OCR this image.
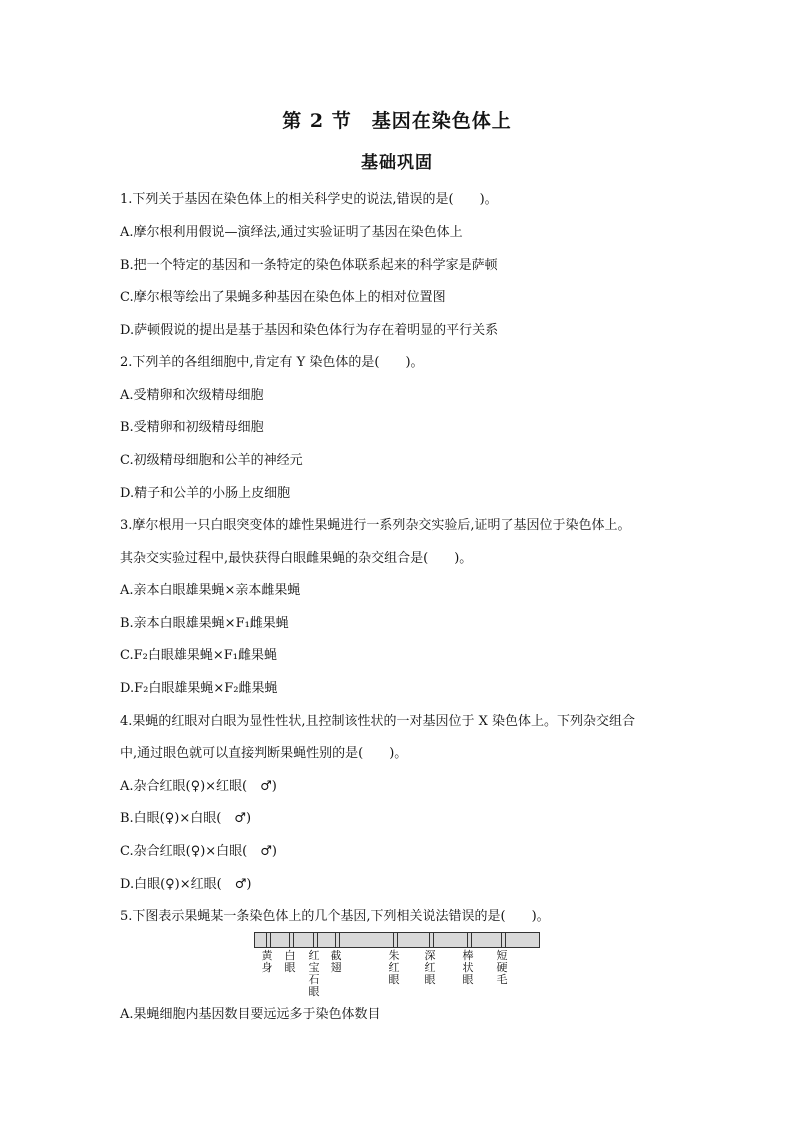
第 2 节　基因在染色体上
基础巩固
1.下列关于基因在染色体上的相关科学史的说法,错误的是(　　)。
A.摩尔根利用假说—演绎法,通过实验证明了基因在染色体上
B.把一个特定的基因和一条特定的染色体联系起来的科学家是萨顿
C.摩尔根等绘出了果蝇多种基因在染色体上的相对位置图
D.萨顿假说的提出是基于基因和染色体行为存在着明显的平行关系
2.下列羊的各组细胞中,肯定有 Y 染色体的是(　　)。
A.受精卵和次级精母细胞
B.受精卵和初级精母细胞
C.初级精母细胞和公羊的神经元
D.精子和公羊的小肠上皮细胞
3.摩尔根用一只白眼突变体的雄性果蝇进行一系列杂交实验后,证明了基因位于染色体上。
其杂交实验过程中,最快获得白眼雌果蝇的杂交组合是(　　)。
A.亲本白眼雄果蝇×亲本雌果蝇
B.亲本白眼雄果蝇×F₁雌果蝇
C.F₂白眼雄果蝇×F₁雌果蝇
D.F₂白眼雄果蝇×F₂雌果蝇
4.果蝇的红眼对白眼为显性性状,且控制该性状的一对基因位于 X 染色体上。下列杂交组合
中,通过眼色就可以直接判断果蝇性别的是(　　)。
A.杂合红眼(♀)×红眼(　♂)
B.白眼(♀)×白眼(　♂)
C.杂合红眼(♀)×白眼(　♂)
D.白眼(♀)×红眼(　♂)
5.下图表示果蝇某一条染色体上的几个基因,下列相关说法错误的是(　　)。
黄身
白眼
红宝石眼
截翅
朱红眼
深红眼
棒状眼
短硬毛
A.果蝇细胞内基因数目要远远多于染色体数目
